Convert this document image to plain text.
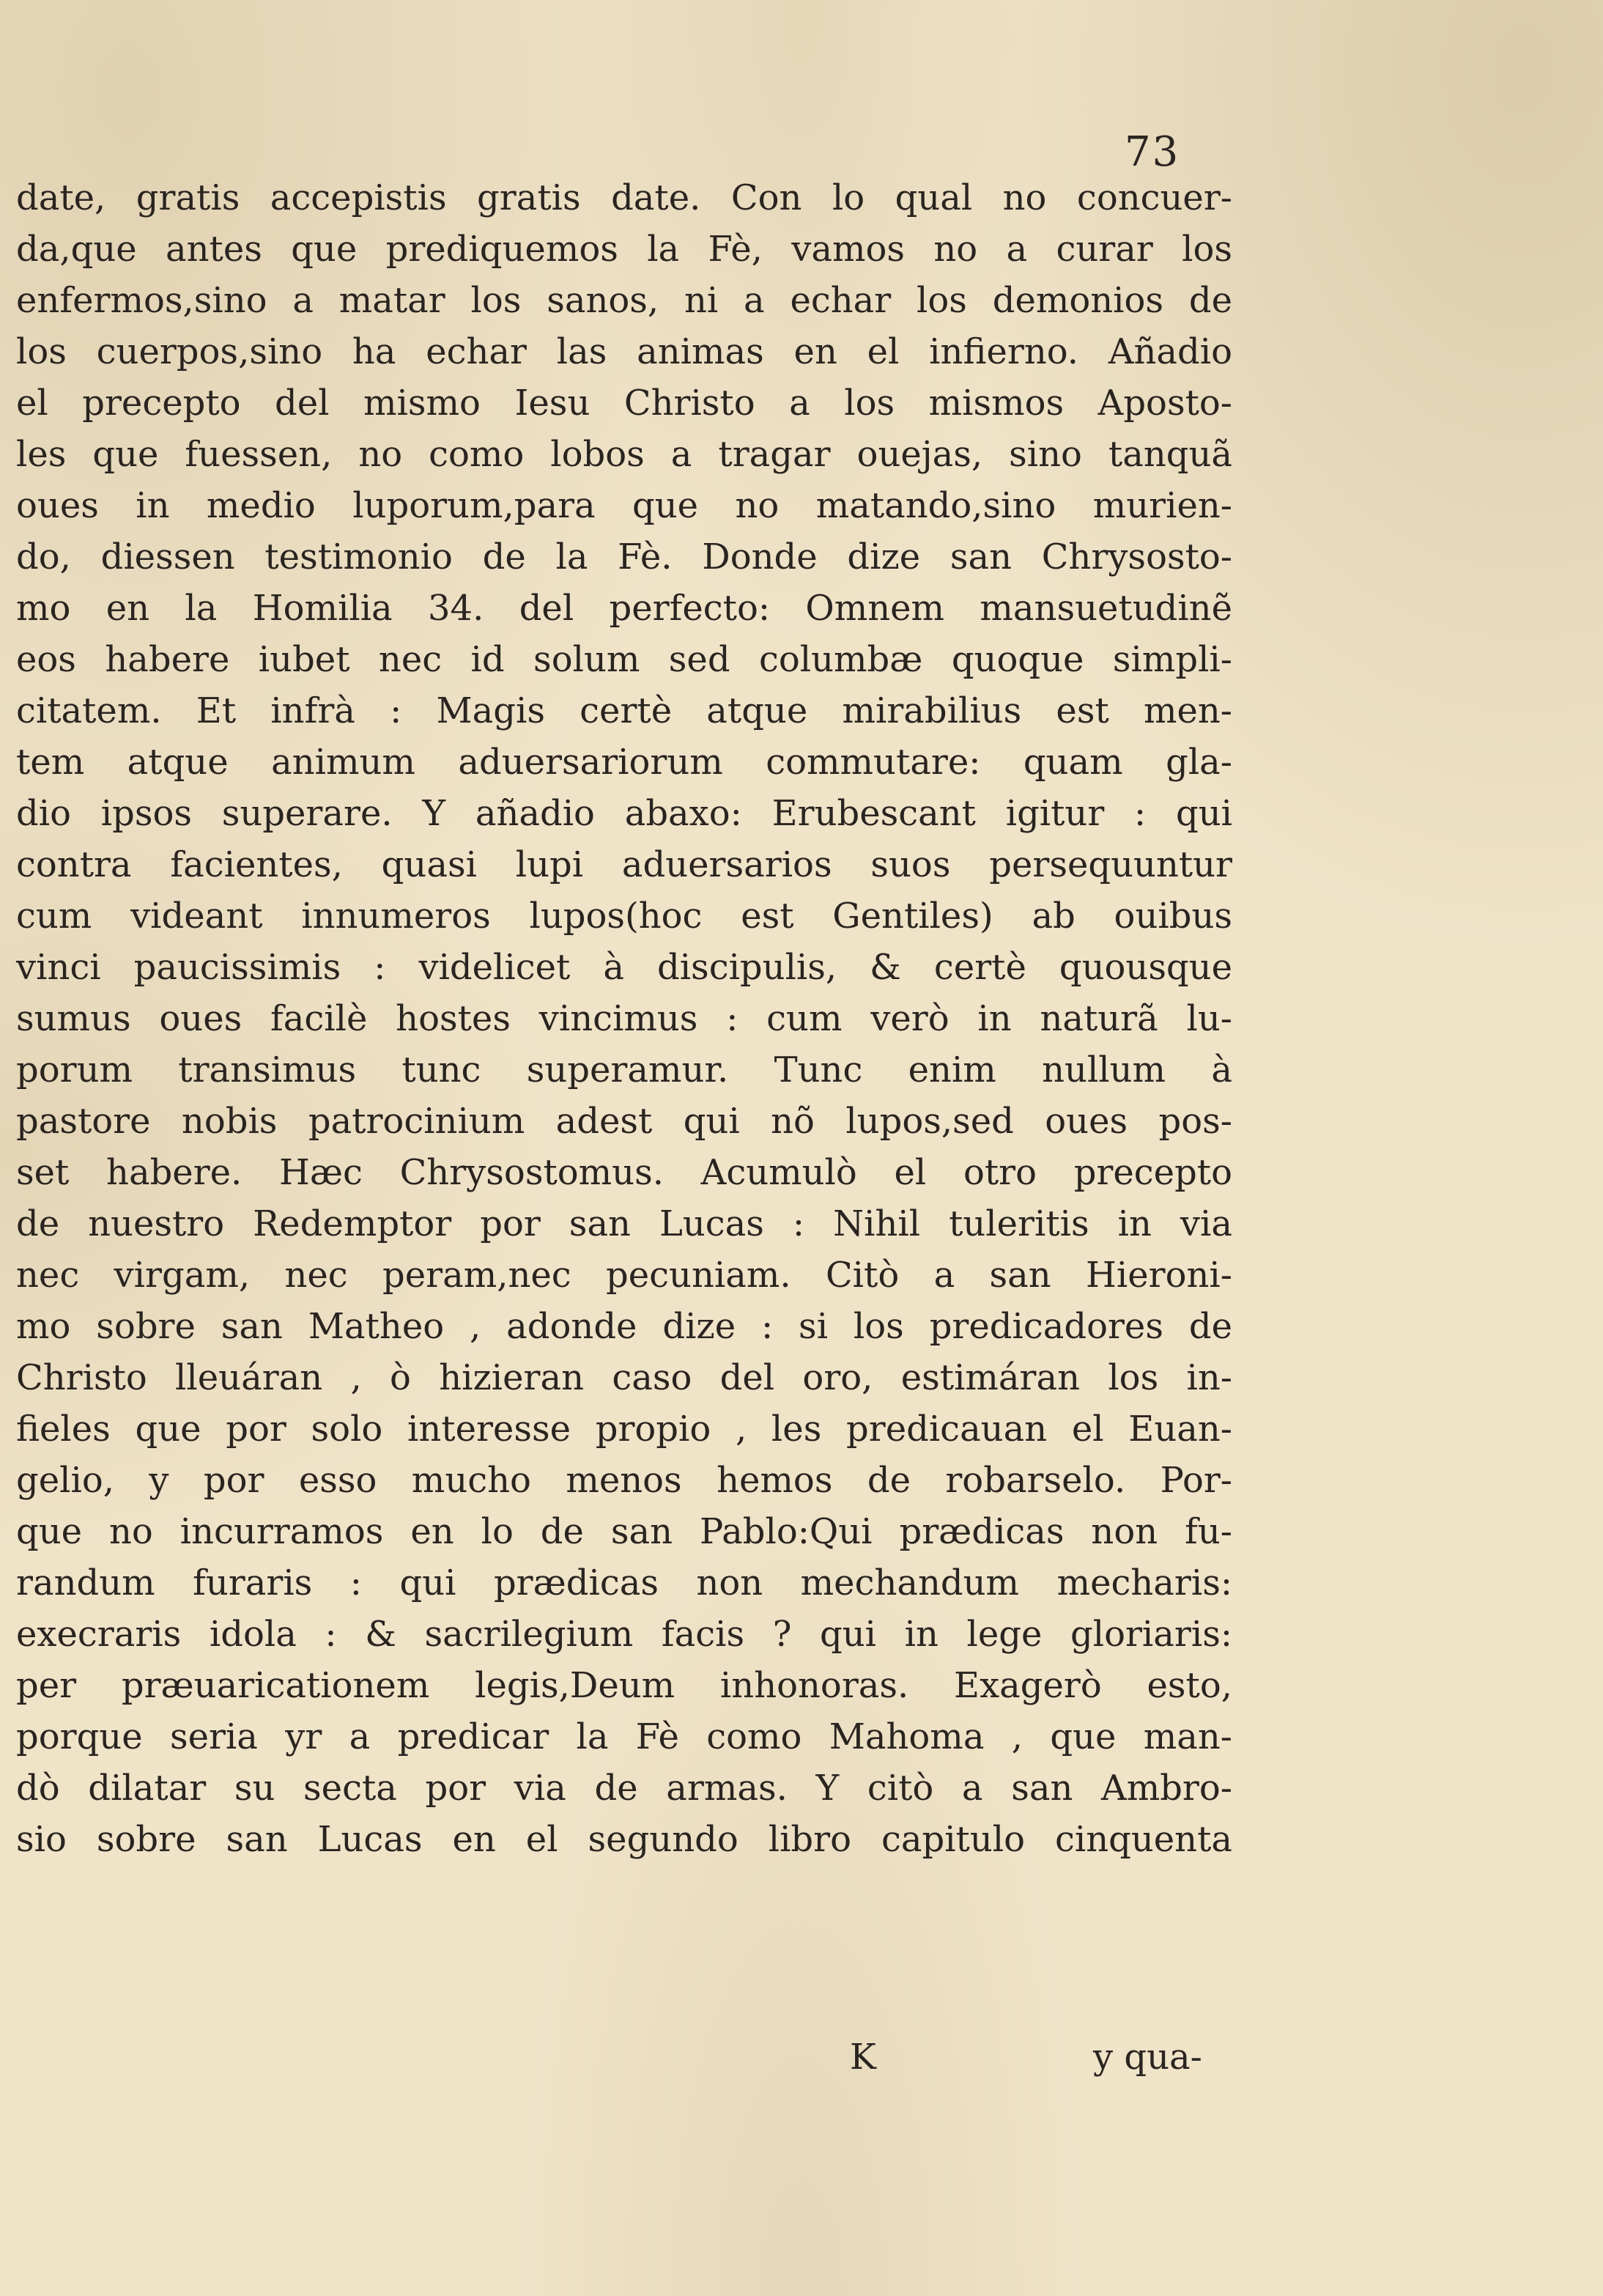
73
date, gratis accepistis gratis date. Con lo qual no concuer-
da,que antes que prediquemos la Fè, vamos no a curar los
enfermos,sino a matar los sanos, ni a echar los demonios de
los cuerpos,sino ha echar las animas en el infierno. Añadio
el precepto del mismo Iesu Christo a los mismos Aposto-
les que fuessen, no como lobos a tragar ouejas, sino tanquã
oues in medio luporum,para que no matando,sino murien-
do, diessen testimonio de la Fè. Donde dize san Chrysosto-
mo en la Homilia 34. del perfecto: Omnem mansuetudinẽ
eos habere iubet nec id solum sed columbæ quoque simpli-
citatem. Et infrà : Magis certè atque mirabilius est men-
tem atque animum aduersariorum commutare: quam gla-
dio ipsos superare. Y añadio abaxo: Erubescant igitur : qui
contra facientes, quasi lupi aduersarios suos persequuntur
cum videant innumeros lupos(hoc est Gentiles) ab ouibus
vinci paucissimis : videlicet à discipulis, & certè quousque
sumus oues facilè hostes vincimus : cum verò in naturã lu-
porum transimus tunc superamur. Tunc enim nullum à
pastore nobis patrocinium adest qui nõ lupos,sed oues pos-
set habere. Hæc Chrysostomus. Acumulò el otro precepto
de nuestro Redemptor por san Lucas : Nihil tuleritis in via
nec virgam, nec peram,nec pecuniam. Citò a san Hieroni-
mo sobre san Matheo , adonde dize : si los predicadores de
Christo lleuáran , ò hizieran caso del oro, estimáran los in-
fieles que por solo interesse propio , les predicauan el Euan-
gelio, y por esso mucho menos hemos de robarselo. Por-
que no incurramos en lo de san Pablo:Qui prædicas non fu-
randum furaris : qui prædicas non mechandum mecharis:
execraris idola : & sacrilegium facis ? qui in lege gloriaris:
per præuaricationem legis,Deum inhonoras. Exagerò esto,
porque seria yr a predicar la Fè como Mahoma , que man-
dò dilatar su secta por via de armas. Y citò a san Ambro-
sio sobre san Lucas en el segundo libro capitulo cinquenta
K	y qua-
